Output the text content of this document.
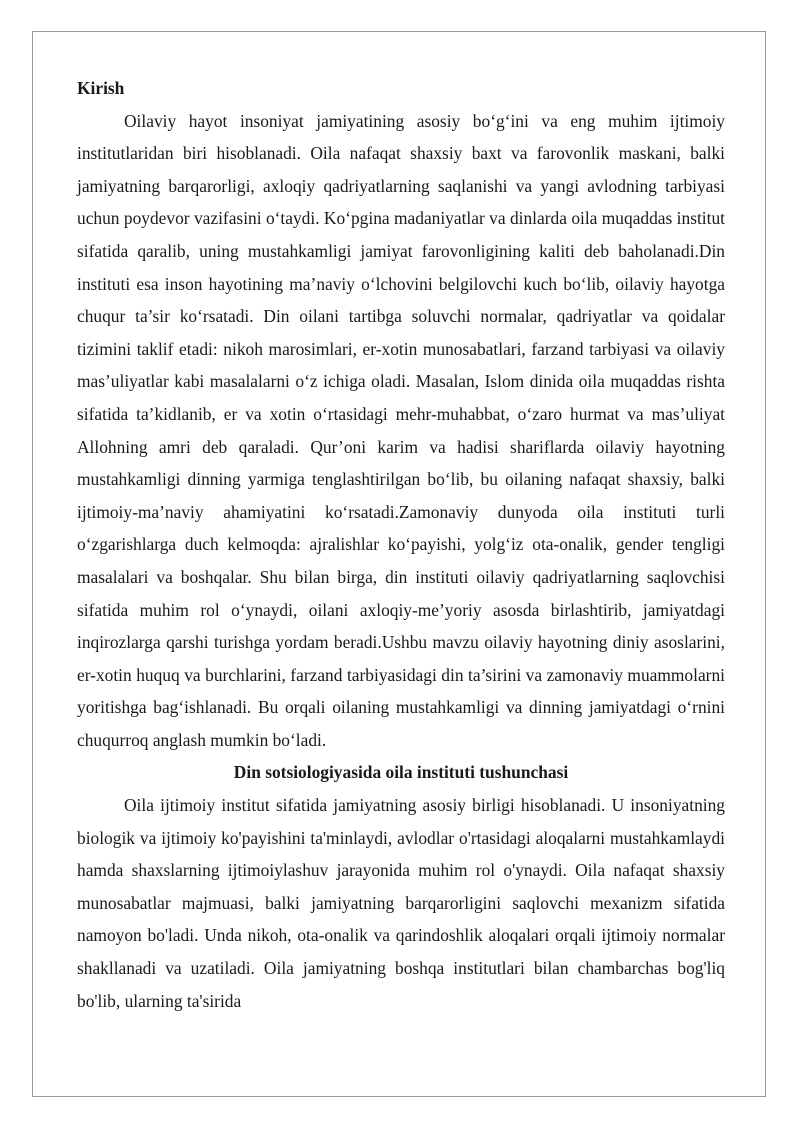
Kirish

Oilaviy hayot insoniyat jamiyatining asosiy bo‘g‘ini va eng muhim ijtimoiy institutlaridan biri hisoblanadi. Oila nafaqat shaxsiy baxt va farovonlik maskani, balki jamiyatning barqarorligi, axloqiy qadriyatlarning saqlanishi va yangi avlodning tarbiyasi uchun poydevor vazifasini o‘taydi. Ko‘pgina madaniyatlar va dinlarda oila muqaddas institut sifatida qaralib, uning mustahkamligi jamiyat farovonligining kaliti deb baholanadi.Din instituti esa inson hayotining ma’naviy o‘lchovini belgilovchi kuch bo‘lib, oilaviy hayotga chuqur ta’sir ko‘rsatadi. Din oilani tartibga soluvchi normalar, qadriyatlar va qoidalar tizimini taklif etadi: nikoh marosimlari, er-xotin munosabatlari, farzand tarbiyasi va oilaviy mas’uliyatlar kabi masalalarni o‘z ichiga oladi. Masalan, Islom dinida oila muqaddas rishta sifatida ta’kidlanib, er va xotin o‘rtasidagi mehr-muhabbat, o‘zaro hurmat va mas’uliyat Allohning amri deb qaraladi. Qur’oni karim va hadisi shariflarda oilaviy hayotning mustahkamligi dinning yarmiga tenglashtirilgan bo‘lib, bu oilaning nafaqat shaxsiy, balki ijtimoiy-ma’naviy ahamiyatini ko‘rsatadi.Zamonaviy dunyoda oila instituti turli o‘zgarishlarga duch kelmoqda: ajralishlar ko‘payishi, yolg‘iz ota-onalik, gender tengligi masalalari va boshqalar. Shu bilan birga, din instituti oilaviy qadriyatlarning saqlovchisi sifatida muhim rol o‘ynaydi, oilani axloqiy-me’yoriy asosda birlashtirib, jamiyatdagi inqirozlarga qarshi turishga yordam beradi.Ushbu mavzu oilaviy hayotning diniy asoslarini, er-xotin huquq va burchlarini, farzand tarbiyasidagi din ta’sirini va zamonaviy muammolarni yoritishga bag‘ishlanadi. Bu orqali oilaning mustahkamligi va dinning jamiyatdagi o‘rnini chuqurroq anglash mumkin bo‘ladi.

Din sotsiologiyasida oila instituti tushunchasi

Oila ijtimoiy institut sifatida jamiyatning asosiy birligi hisoblanadi. U insoniyatning biologik va ijtimoiy ko'payishini ta'minlaydi, avlodlar o'rtasidagi aloqalarni mustahkamlaydi hamda shaxslarning ijtimoiylashuv jarayonida muhim rol o'ynaydi. Oila nafaqat shaxsiy munosabatlar majmuasi, balki jamiyatning barqarorligini saqlovchi mexanizm sifatida namoyon bo'ladi. Unda nikoh, ota-onalik va qarindoshlik aloqalari orqali ijtimoiy normalar shakllanadi va uzatiladi. Oila jamiyatning boshqa institutlari bilan chambarchas bog'liq bo'lib, ularning ta'sirida
